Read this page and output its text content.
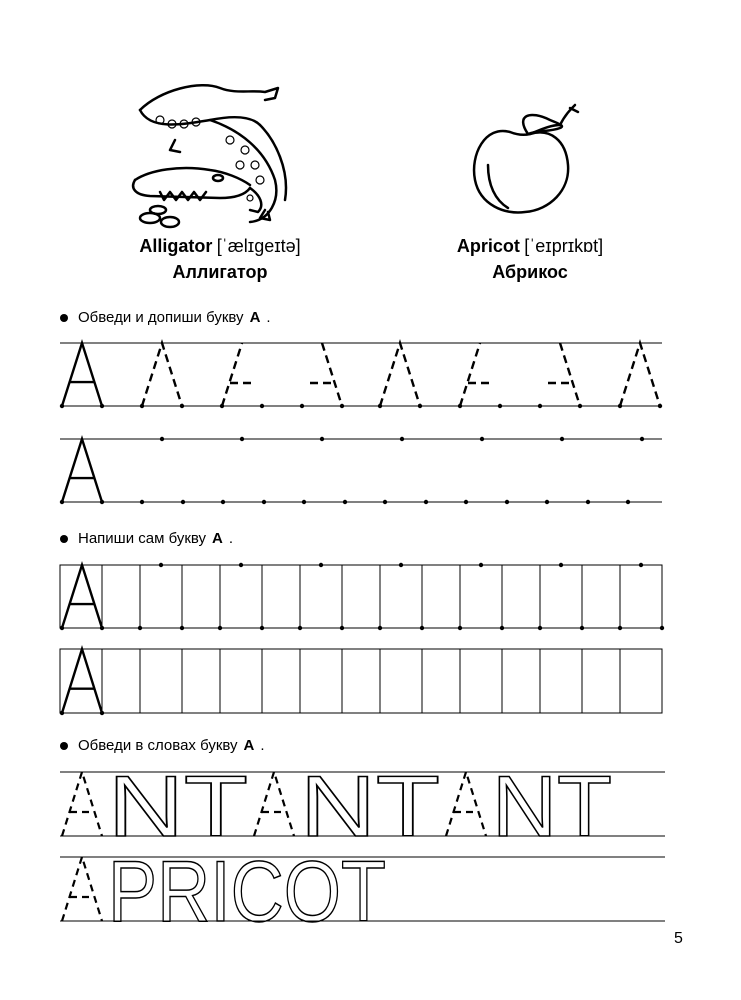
Alligator [ˈælɪgeɪtə]
Аллигатор
Apricot [ˈeɪprɪkɒt]
Абрикос
Обведи и допиши букву А .
Напиши сам букву А .
Обведи в словах букву А .
NT NT NT
PRICOT	5
